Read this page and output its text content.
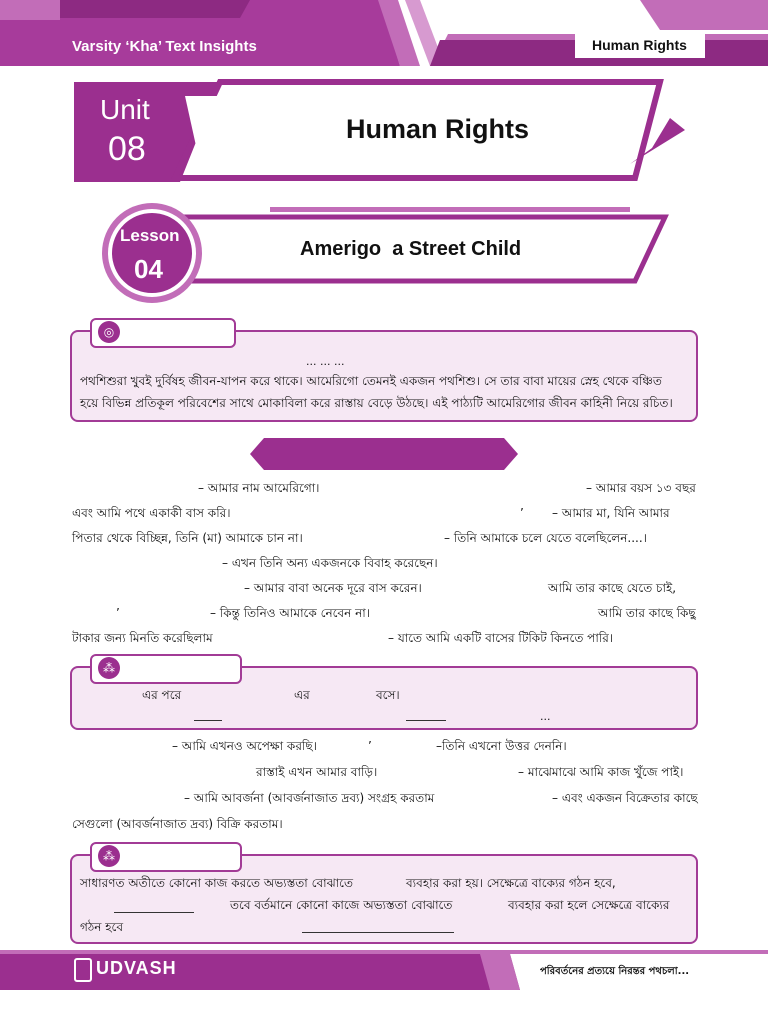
Varsity ‘Kha’ Text Insights	Human Rights
Unit
08
Human Rights
Lesson
04
Amerigo  a Street Child
◎
... ... ...
পথশিশুরা খুবই দুর্বিষহ জীবন-যাপন করে থাকে। আমেরিগো তেমনই একজন পথশিশু। সে তার বাবা মায়ের স্নেহ থেকে বঞ্চিত
হয়ে বিভিন্ন প্রতিকূল পরিবেশের সাথে মোকাবিলা করে রাস্তায় বেড়ে উঠছে। এই পাঠ্যটি আমেরিগোর জীবন কাহিনী নিয়ে রচিত।
– আমার নাম আমেরিগো।	– আমার বয়স ১৩ বছর
এবং আমি পথে একাকী বাস করি।	’ – আমার মা, যিনি আমার
পিতার থেকে বিচ্ছিন্ন, তিনি (মা) আমাকে চান না।	– তিনি আমাকে চলে যেতে বলেছিলেন....।
– এখন তিনি অন্য একজনকে বিবাহ করেছেন।
– আমার বাবা অনেক দূরে বাস করেন।	আমি তার কাছে যেতে চাই,
’	– কিন্তু তিনিও আমাকে নেবেন না।	আমি তার কাছে কিছু
টাকার জন্য মিনতি করেছিলাম	– যাতে আমি একটি বাসের টিকিট কিনতে পারি।
⁂
এর পরে	এর	বসে।
...
– আমি এখনও অপেক্ষা করছি।	’	–তিনি এখনো উত্তর দেননি।
রাস্তাই এখন আমার বাড়ি।	– মাঝেমাঝে আমি কাজ খুঁজে পাই।
– আমি আবর্জনা (আবর্জনাজাত দ্রব্য) সংগ্রহ করতাম	– এবং একজন বিক্রেতার কাছে
সেগুলো (আবর্জনাজাত দ্রব্য) বিক্রি করতাম।
⁂
সাধারণত অতীতে কোনো কাজ করতে অভ্যস্ততা বোঝাতে	ব্যবহার করা হয়। সেক্ষেত্রে বাক্যের গঠন হবে,
তবে বর্তমানে কোনো কাজে অভ্যস্ততা বোঝাতে	ব্যবহার করা হলে সেক্ষেত্রে বাক্যের
গঠন হবে
UDVASH	পরিবর্তনের প্রত্যয়ে নিরন্তর পথচলা...
